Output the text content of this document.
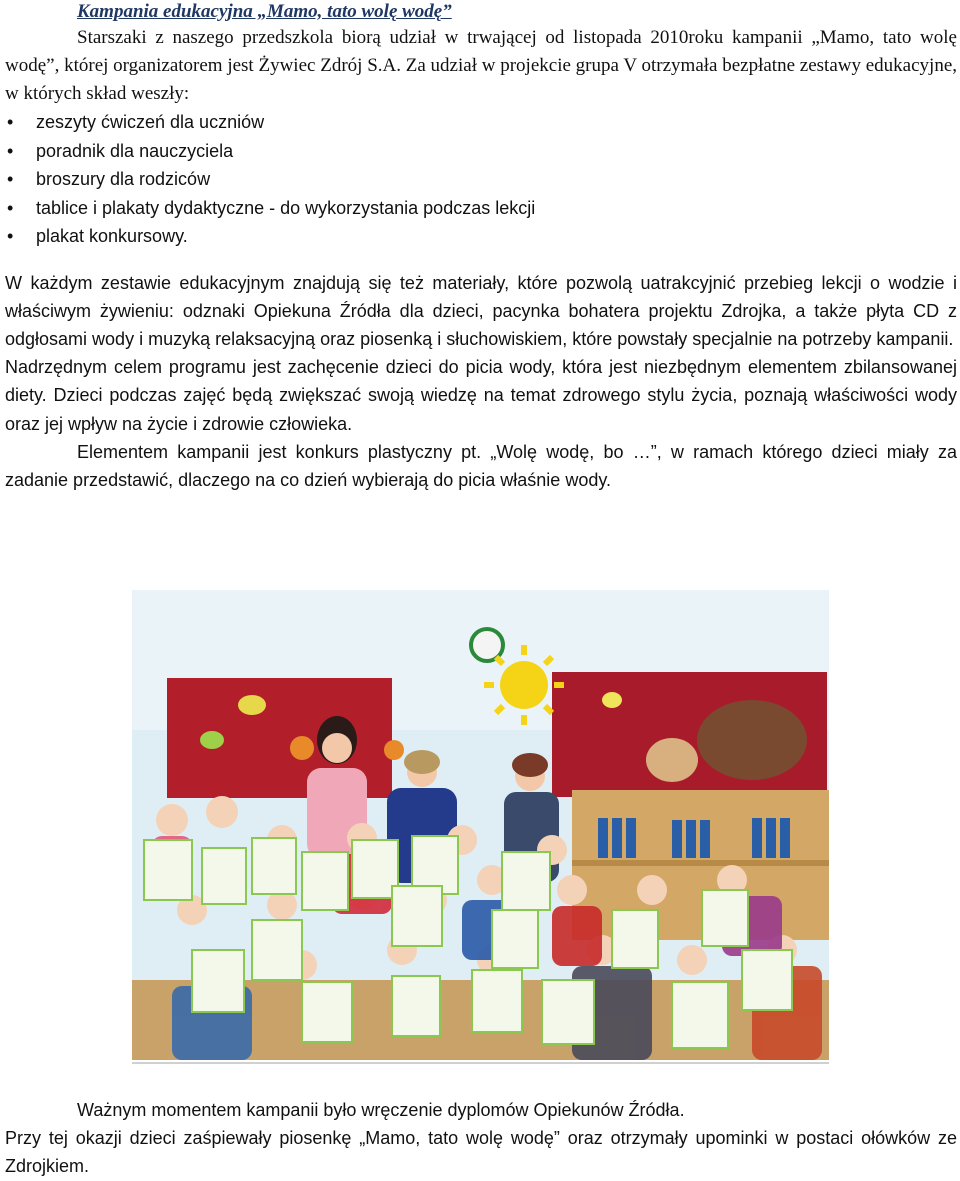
Kampania edukacyjna „Mamo, tato wolę wodę”

Starszaki z naszego przedszkola biorą udział w trwającej od listopada 2010roku kampanii „Mamo, tato wolę wodę”, której organizatorem jest Żywiec Zdrój S.A. Za udział w projekcie grupa V otrzymała bezpłatne zestawy edukacyjne, w których skład weszły:

• zeszyty ćwiczeń dla uczniów
• poradnik dla nauczyciela
• broszury dla rodziców
• tablice i plakaty dydaktyczne - do wykorzystania podczas lekcji
• plakat konkursowy.

W każdym zestawie edukacyjnym znajdują się też materiały, które pozwolą uatrakcyjnić przebieg lekcji o wodzie i właściwym żywieniu: odznaki Opiekuna Źródła dla dzieci, pacynka bohatera projektu Zdrojka, a także płyta CD z odgłosami wody i muzyką relaksacyjną oraz piosenką i słuchowiskiem, które powstały specjalnie na potrzeby kampanii.

Nadrzędnym celem programu jest zachęcenie dzieci do picia wody, która jest niezbędnym elementem zbilansowanej diety. Dzieci podczas zajęć będą zwiększać swoją wiedzę na temat zdrowego stylu życia, poznają właściwości wody oraz jej wpływ na życie i zdrowie człowieka.

Elementem kampanii jest konkurs plastyczny pt. „Wolę wodę, bo …”, w ramach którego dzieci miały za zadanie przedstawić, dlaczego na co dzień wybierają do picia właśnie wody.

Ważnym momentem kampanii było wręczenie dyplomów Opiekunów Źródła.

Przy tej okazji dzieci zaśpiewały piosenkę „Mamo, tato wolę wodę” oraz otrzymały upominki w postaci ołówków ze Zdrojkiem.
